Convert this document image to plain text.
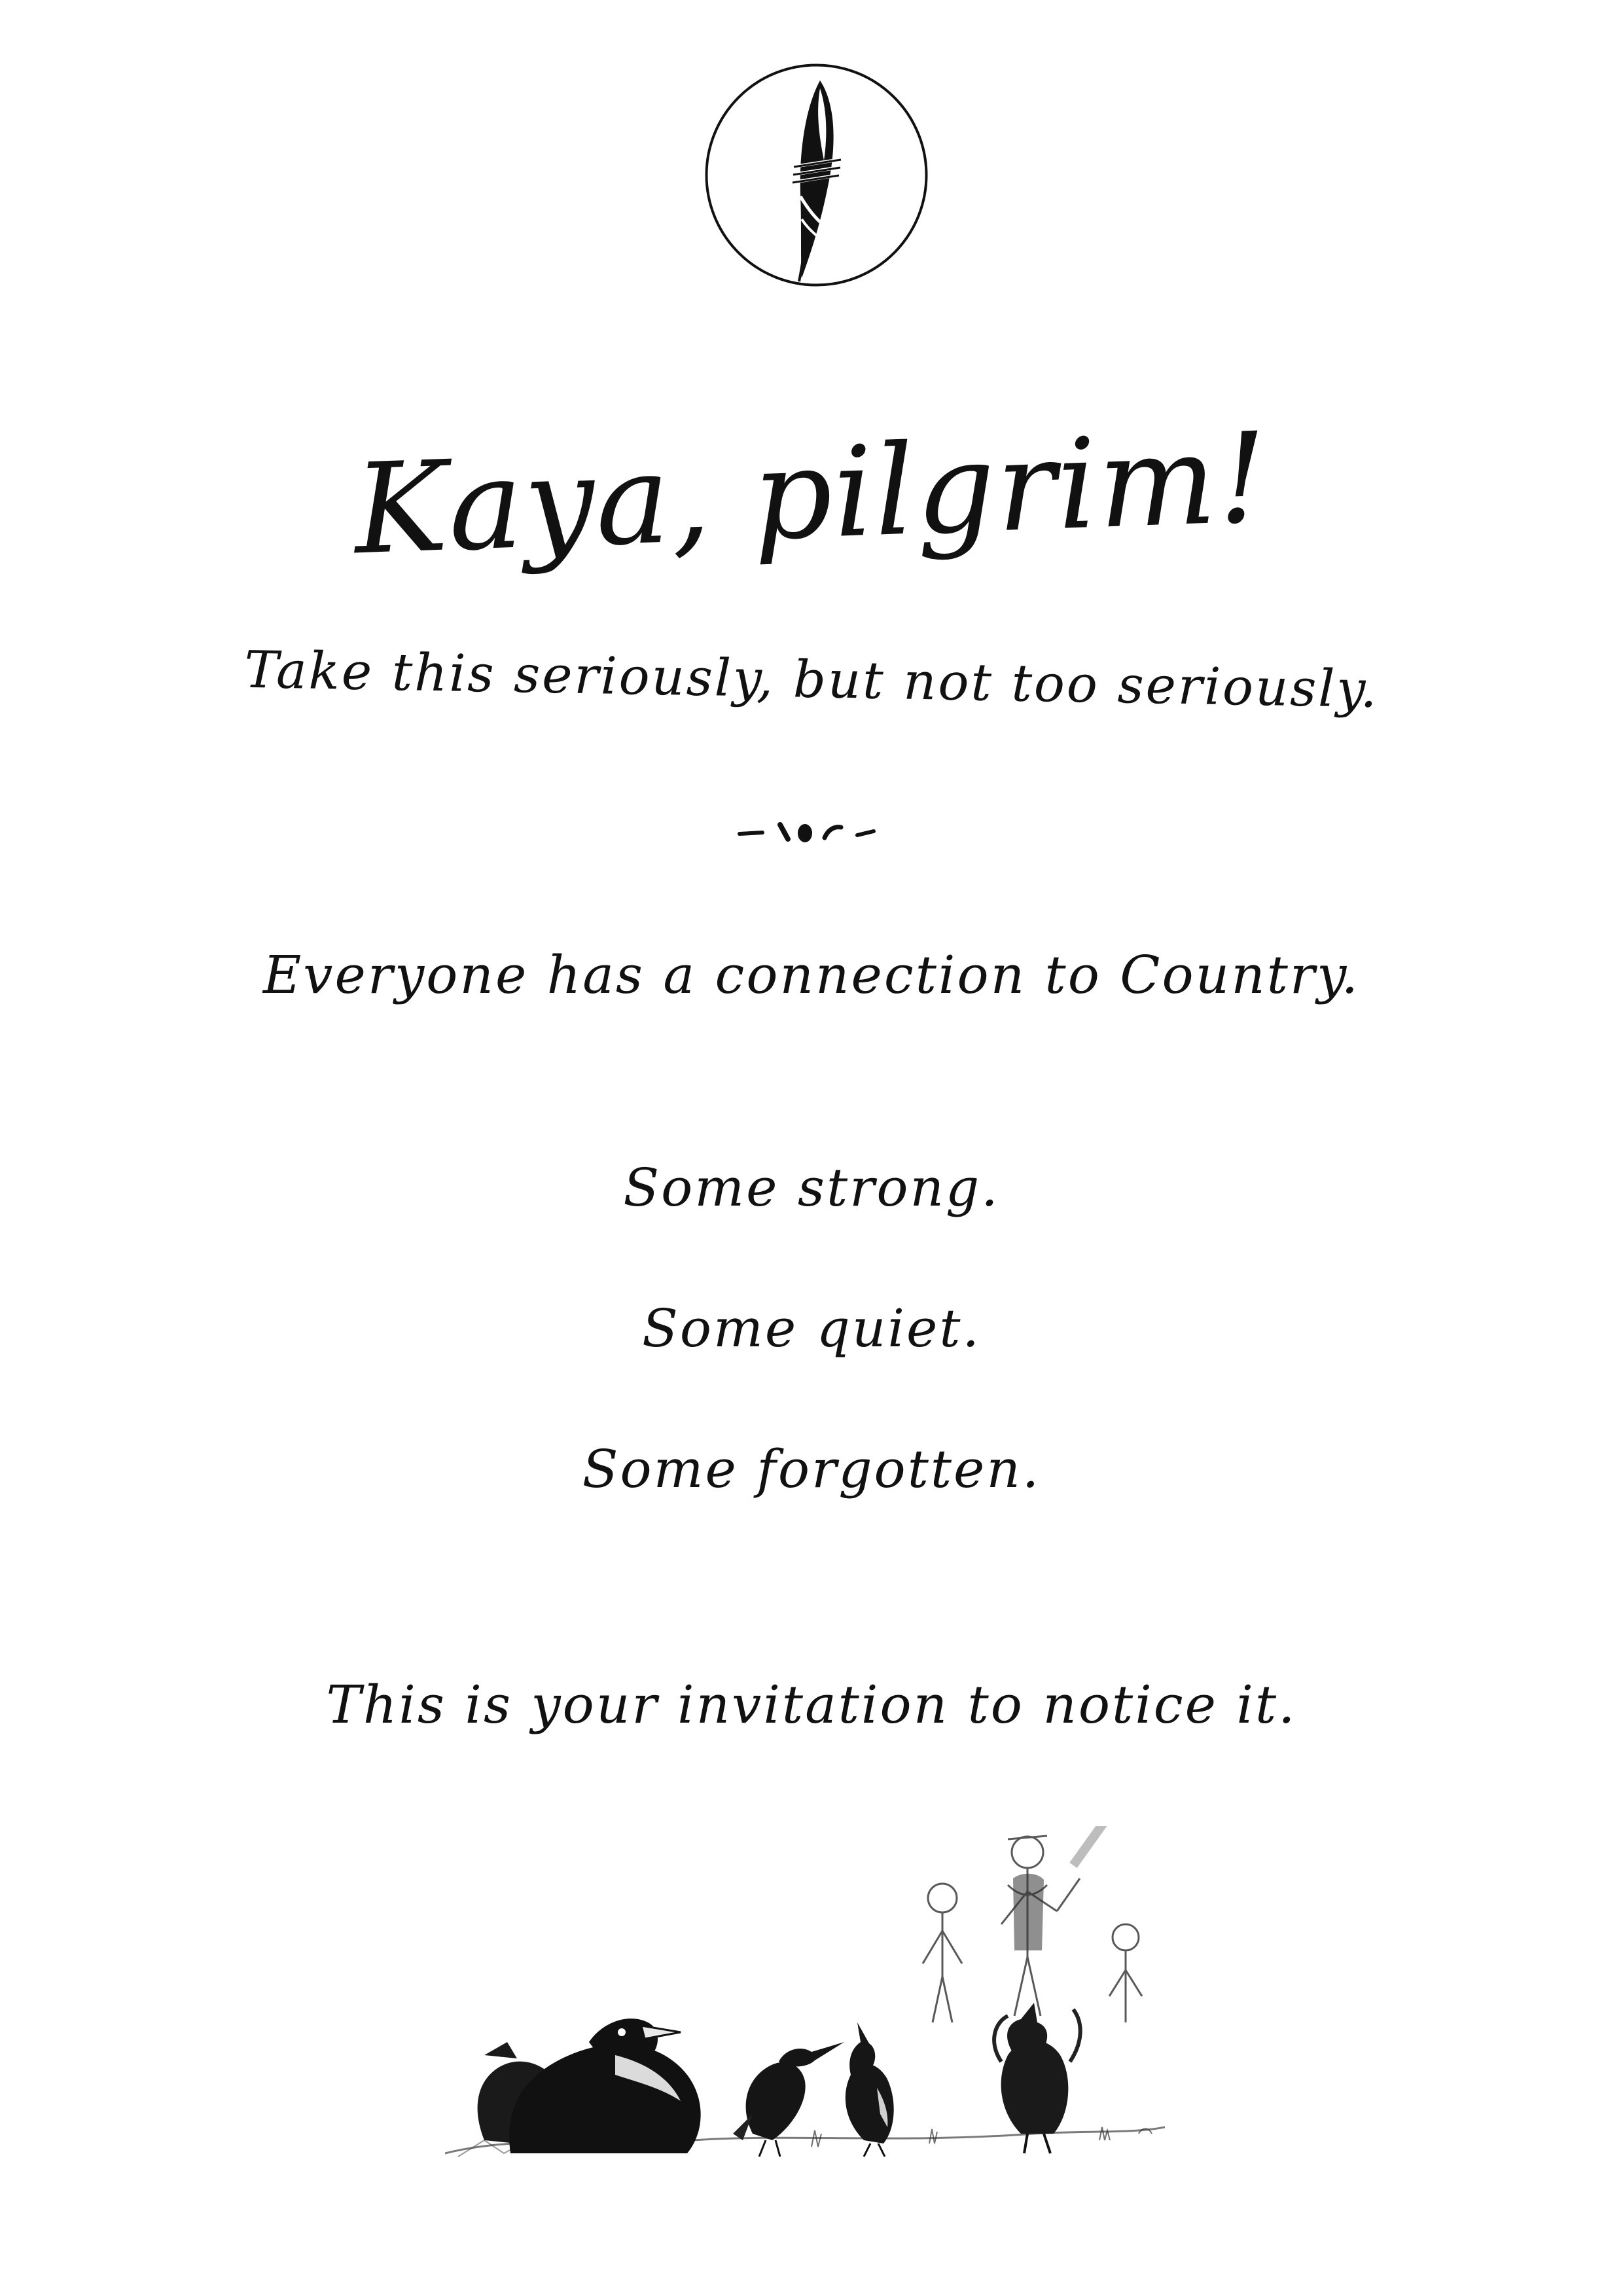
Kaya, pilgrim!
Take this seriously, but not too seriously.
Everyone has a connection to Country.
Some strong.
Some quiet.
Some forgotten.
This is your invitation to notice it.
